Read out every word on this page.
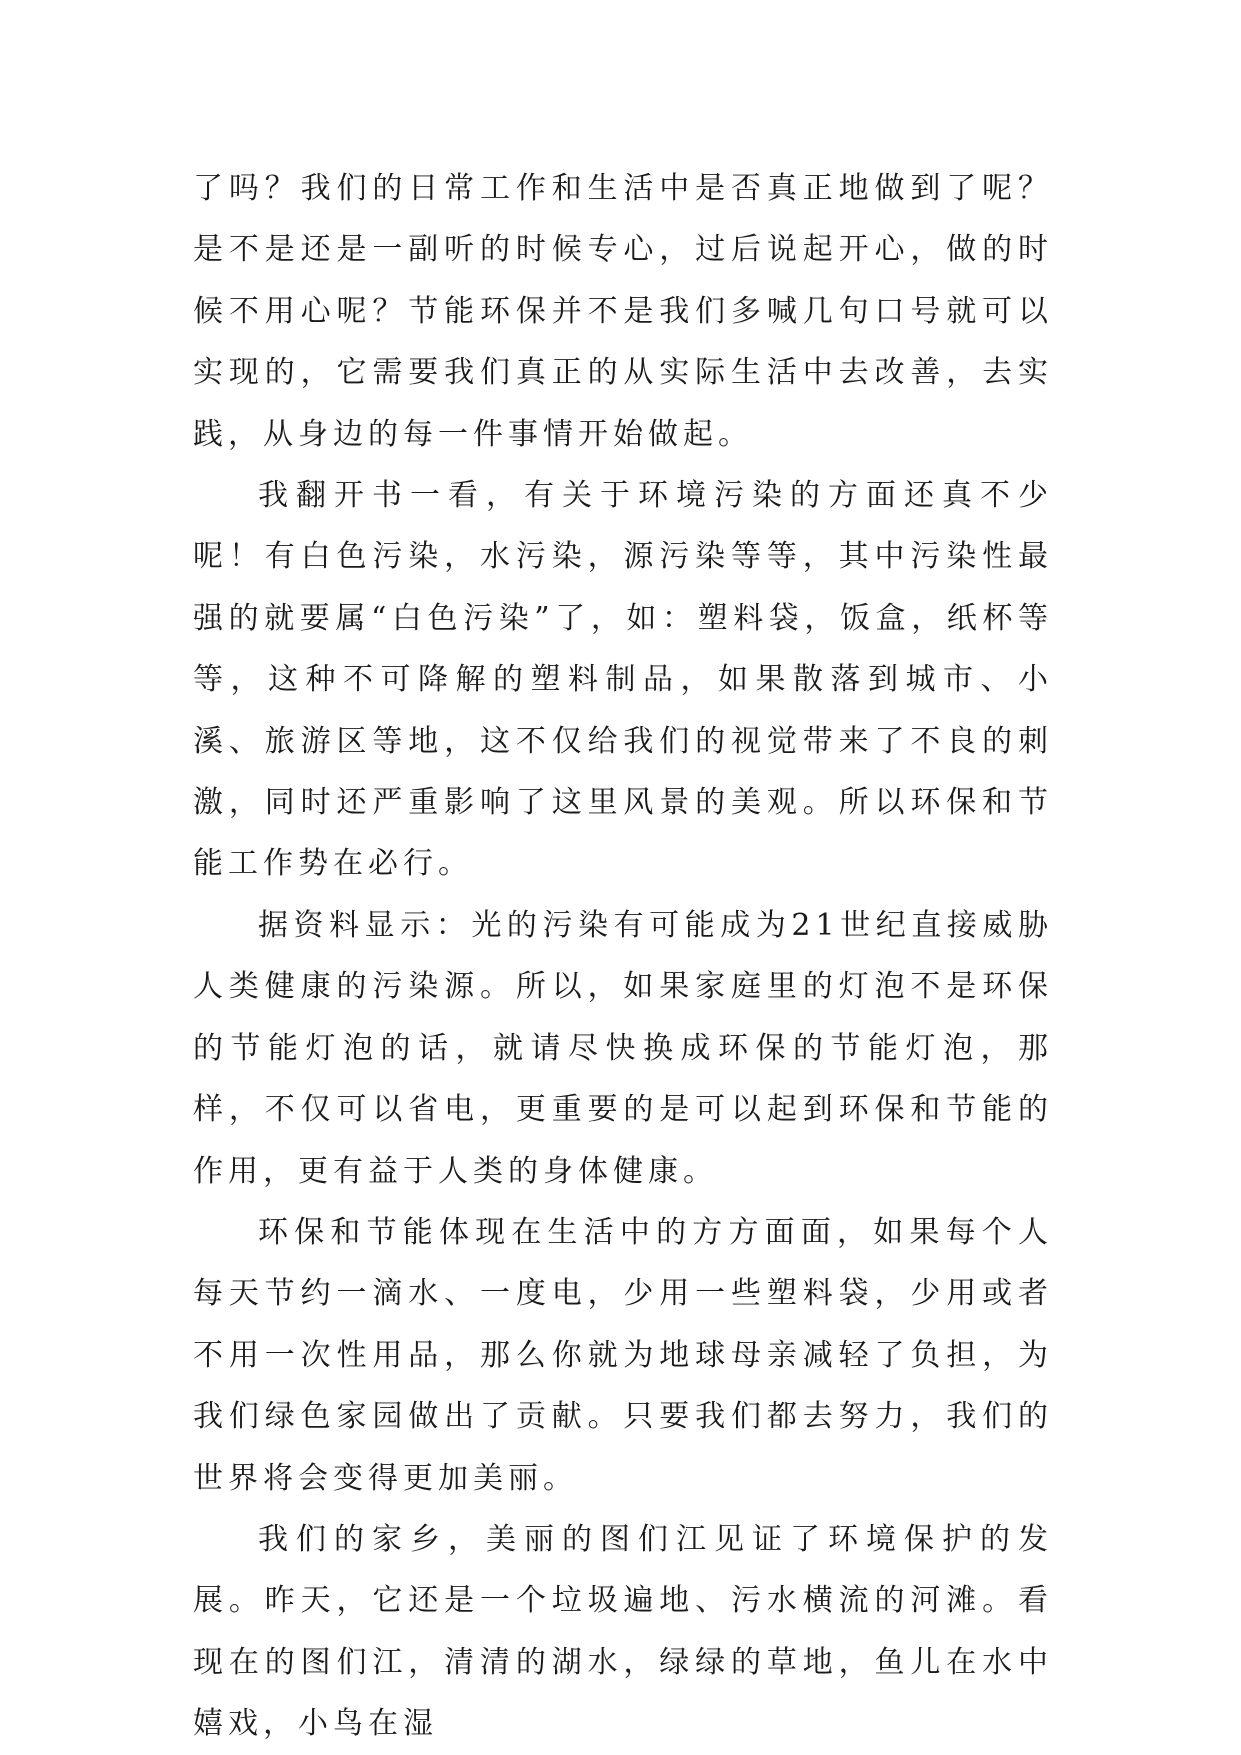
了吗？我们的日常工作和生活中是否真正地做到了呢？是不是还是一副听的时候专心，过后说起开心，做的时候不用心呢？节能环保并不是我们多喊几句口号就可以实现的，它需要我们真正的从实际生活中去改善，去实践，从身边的每一件事情开始做起。

我翻开书一看，有关于环境污染的方面还真不少呢！有白色污染，水污染，源污染等等，其中污染性最强的就要属“白色污染”了，如：塑料袋，饭盒，纸杯等等，这种不可降解的塑料制品，如果散落到城市、小溪、旅游区等地，这不仅给我们的视觉带来了不良的刺激，同时还严重影响了这里风景的美观。所以环保和节能工作势在必行。

据资料显示：光的污染有可能成为21世纪直接威胁人类健康的污染源。所以，如果家庭里的灯泡不是环保的节能灯泡的话，就请尽快换成环保的节能灯泡，那样，不仅可以省电，更重要的是可以起到环保和节能的作用，更有益于人类的身体健康。

环保和节能体现在生活中的方方面面，如果每个人每天节约一滴水、一度电，少用一些塑料袋，少用或者不用一次性用品，那么你就为地球母亲减轻了负担，为我们绿色家园做出了贡献。只要我们都去努力，我们的世界将会变得更加美丽。

我们的家乡，美丽的图们江见证了环境保护的发展。昨天，它还是一个垃圾遍地、污水横流的河滩。看现在的图们江，清清的湖水，绿绿的草地，鱼儿在水中嬉戏，小鸟在湿
